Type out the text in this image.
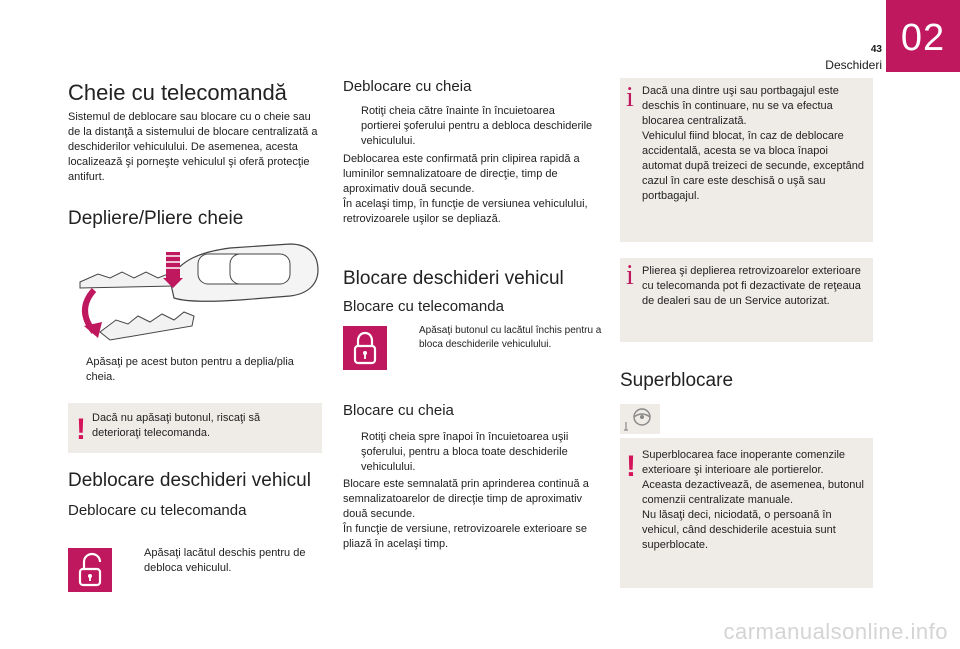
02
43
Deschideri
Cheie cu telecomandă
Sistemul de deblocare sau blocare cu o cheie sau de la distanţă a sistemului de blocare centralizată a deschiderilor vehiculului. De asemenea, acesta localizează şi porneşte vehiculul şi oferă protecţie antifurt.
Depliere/Pliere cheie
Apăsaţi pe acest buton pentru a deplia/plia cheia.
! Dacă nu apăsaţi butonul, riscaţi să deterioraţi telecomanda.
Deblocare deschideri vehicul
Deblocare cu telecomanda
Apăsaţi lacătul deschis pentru de debloca vehiculul.
Deblocare cu cheia
Rotiţi cheia către înainte în încuietoarea portierei şoferului pentru a debloca deschiderile vehiculului.
Deblocarea este confirmată prin clipirea rapidă a luminilor semnalizatoare de direcţie, timp de aproximativ două secunde.
În acelaşi timp, în funcţie de versiunea vehiculului, retrovizoarele uşilor se depliază.
Blocare deschideri vehicul
Blocare cu telecomanda
Apăsaţi butonul cu lacătul închis pentru a bloca deschiderile vehiculului.
Blocare cu cheia
Rotiţi cheia spre înapoi în încuietoarea uşii şoferului, pentru a bloca toate deschiderile vehiculului.
Blocare este semnalată prin aprinderea continuă a semnalizatoarelor de direcţie timp de aproximativ două secunde.
În funcţie de versiune, retrovizoarele exterioare se pliază în acelaşi timp.
i Dacă una dintre uşi sau portbagajul este deschis în continuare, nu se va efectua blocarea centralizată.
Vehiculul fiind blocat, în caz de deblocare accidentală, acesta se va bloca înapoi automat după treizeci de secunde, exceptând cazul în care este deschisă o uşă sau portbagajul.
i Plierea şi deplierea retrovizoarelor exterioare cu telecomanda pot fi dezactivate de reţeaua de dealeri sau de un Service autorizat.
Superblocare
! Superblocarea face inoperante comenzile exterioare şi interioare ale portierelor.
Aceasta dezactivează, de asemenea, butonul comenzii centralizate manuale.
Nu lăsaţi deci, niciodată, o persoană în vehicul, când deschiderile acestuia sunt superblocate.
carmanualsonline.info
